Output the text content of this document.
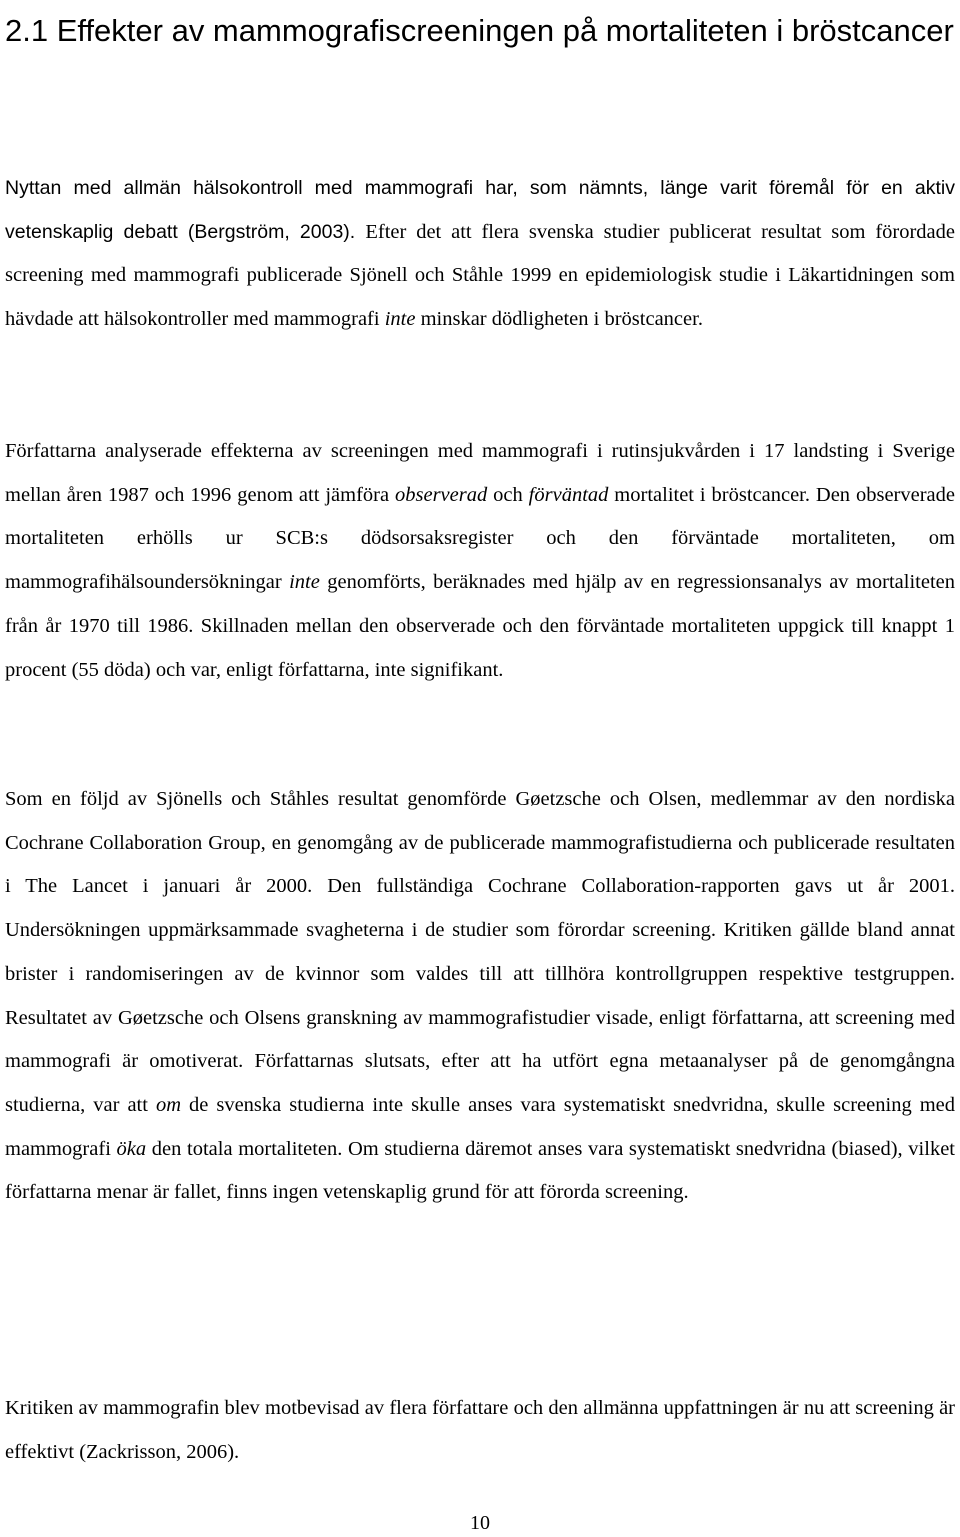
2.1 Effekter av mammografiscreeningen på mortaliteten i bröstcancer

Nyttan med allmän hälsokontroll med mammografi har, som nämnts, länge varit föremål för en aktiv vetenskaplig debatt (Bergström, 2003). Efter det att flera svenska studier publicerat resultat som förordade screening med mammografi publicerade Sjönell och Ståhle 1999 en epidemiologisk studie i Läkartidningen som hävdade att hälsokontroller med mammografi inte minskar dödligheten i bröstcancer.

Författarna analyserade effekterna av screeningen med mammografi i rutinsjukvården i 17 landsting i Sverige mellan åren 1987 och 1996 genom att jämföra observerad och förväntad mortalitet i bröstcancer. Den observerade mortaliteten erhölls ur SCB:s dödsorsaksregister och den förväntade mortaliteten, om mammografihälsoundersökningar inte genomförts, beräknades med hjälp av en regressionsanalys av mortaliteten från år 1970 till 1986. Skillnaden mellan den observerade och den förväntade mortaliteten uppgick till knappt 1 procent (55 döda) och var, enligt författarna, inte signifikant.

Som en följd av Sjönells och Ståhles resultat genomförde Gøetzsche och Olsen, medlemmar av den nordiska Cochrane Collaboration Group, en genomgång av de publicerade mammografistudierna och publicerade resultaten i The Lancet i januari år 2000. Den fullständiga Cochrane Collaboration-rapporten gavs ut år 2001. Undersökningen uppmärksammade svagheterna i de studier som förordar screening. Kritiken gällde bland annat brister i randomiseringen av de kvinnor som valdes till att tillhöra kontrollgruppen respektive testgruppen. Resultatet av Gøetzsche och Olsens granskning av mammografistudier visade, enligt författarna, att screening med mammografi är omotiverat. Författarnas slutsats, efter att ha utfört egna metaanalyser på de genomgångna studierna, var att om de svenska studierna inte skulle anses vara systematiskt snedvridna, skulle screening med mammografi öka den totala mortaliteten. Om studierna däremot anses vara systematiskt snedvridna (biased), vilket författarna menar är fallet, finns ingen vetenskaplig grund för att förorda screening.

Kritiken av mammografin blev motbevisad av flera författare och den allmänna uppfattningen är nu att screening är effektivt (Zackrisson, 2006).

10
